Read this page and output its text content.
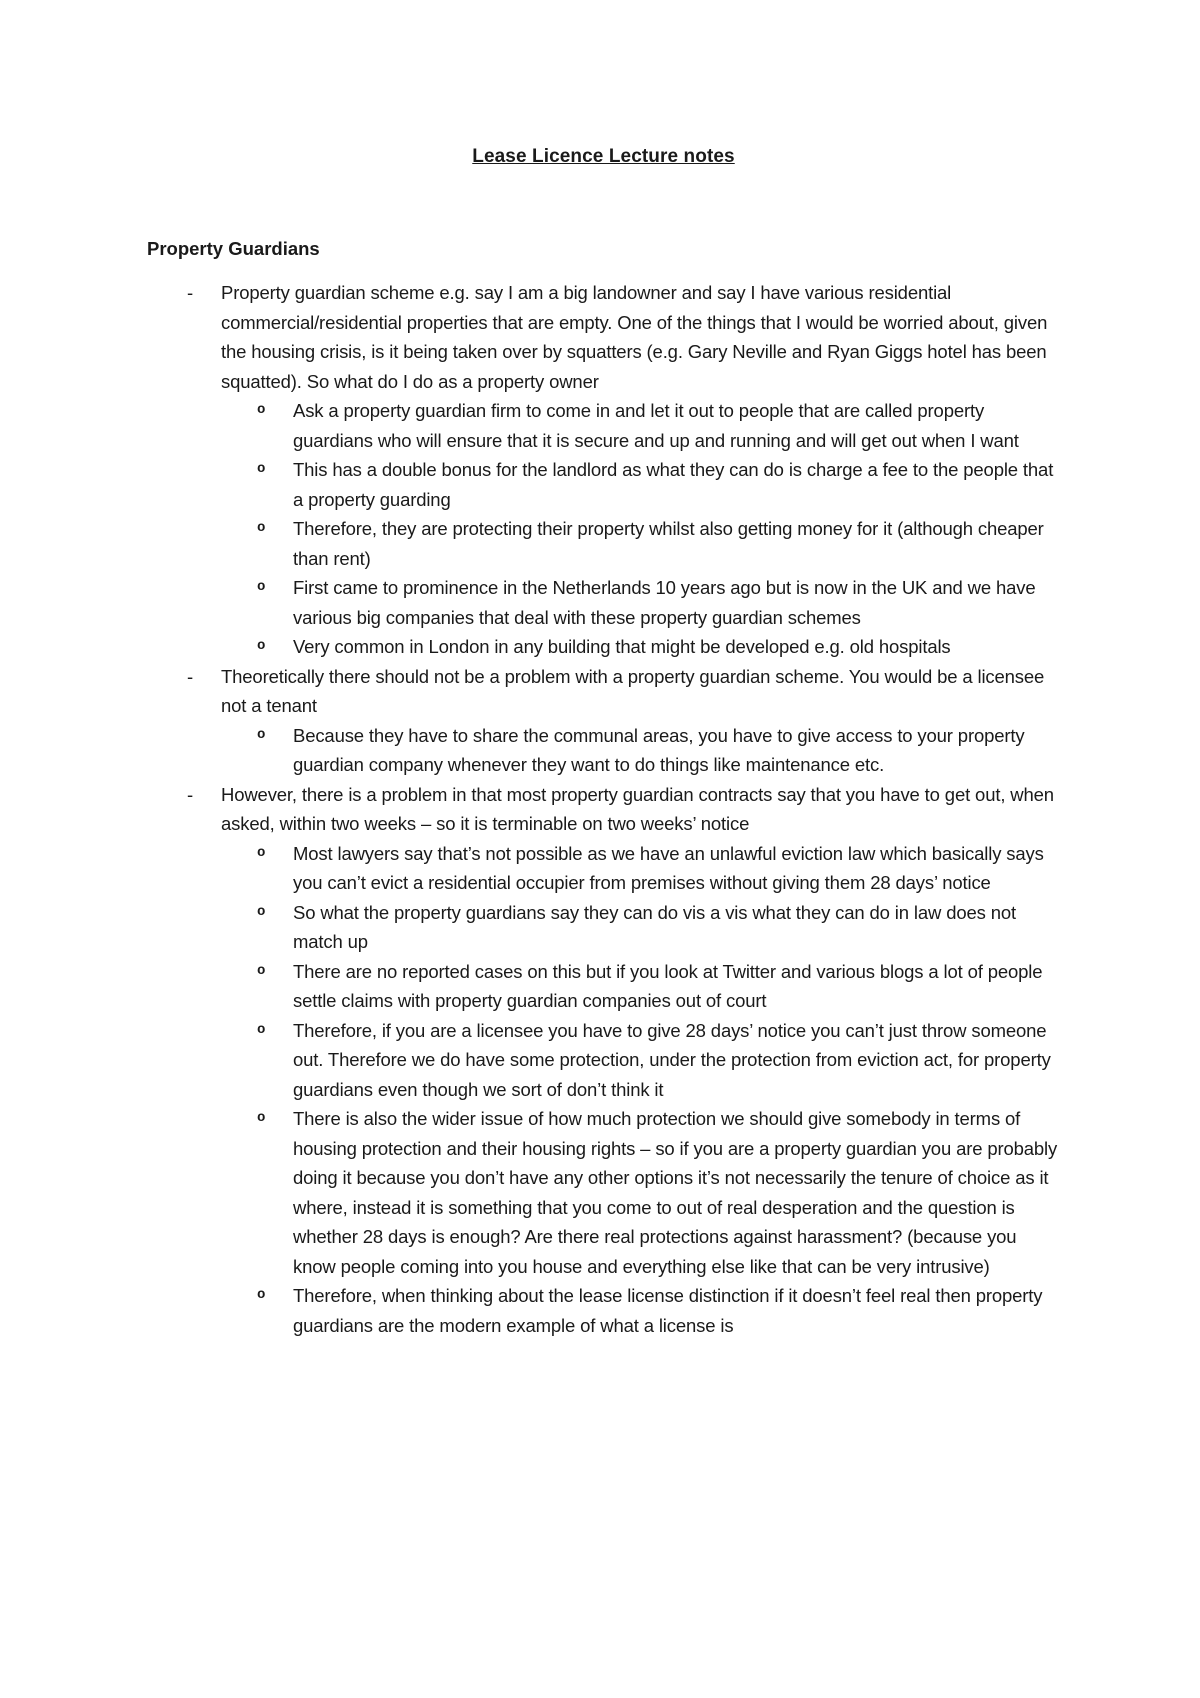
Lease Licence Lecture notes
Property Guardians
- Property guardian scheme e.g. say I am a big landowner and say I have various residential commercial/residential properties that are empty. One of the things that I would be worried about, given the housing crisis, is it being taken over by squatters (e.g. Gary Neville and Ryan Giggs hotel has been squatted). So what do I do as a property owner
o Ask a property guardian firm to come in and let it out to people that are called property guardians who will ensure that it is secure and up and running and will get out when I want
o This has a double bonus for the landlord as what they can do is charge a fee to the people that a property guarding
o Therefore, they are protecting their property whilst also getting money for it (although cheaper than rent)
o First came to prominence in the Netherlands 10 years ago but is now in the UK and we have various big companies that deal with these property guardian schemes
o Very common in London in any building that might be developed e.g. old hospitals
- Theoretically there should not be a problem with a property guardian scheme. You would be a licensee not a tenant
o Because they have to share the communal areas, you have to give access to your property guardian company whenever they want to do things like maintenance etc.
- However, there is a problem in that most property guardian contracts say that you have to get out, when asked, within two weeks – so it is terminable on two weeks’ notice
o Most lawyers say that’s not possible as we have an unlawful eviction law which basically says you can’t evict a residential occupier from premises without giving them 28 days’ notice
o So what the property guardians say they can do vis a vis what they can do in law does not match up
o There are no reported cases on this but if you look at Twitter and various blogs a lot of people settle claims with property guardian companies out of court
o Therefore, if you are a licensee you have to give 28 days’ notice you can’t just throw someone out. Therefore we do have some protection, under the protection from eviction act, for property guardians even though we sort of don’t think it
o There is also the wider issue of how much protection we should give somebody in terms of housing protection and their housing rights – so if you are a property guardian you are probably doing it because you don’t have any other options it’s not necessarily the tenure of choice as it where, instead it is something that you come to out of real desperation and the question is whether 28 days is enough? Are there real protections against harassment? (because you know people coming into you house and everything else like that can be very intrusive)
o Therefore, when thinking about the lease license distinction if it doesn’t feel real then property guardians are the modern example of what a license is
